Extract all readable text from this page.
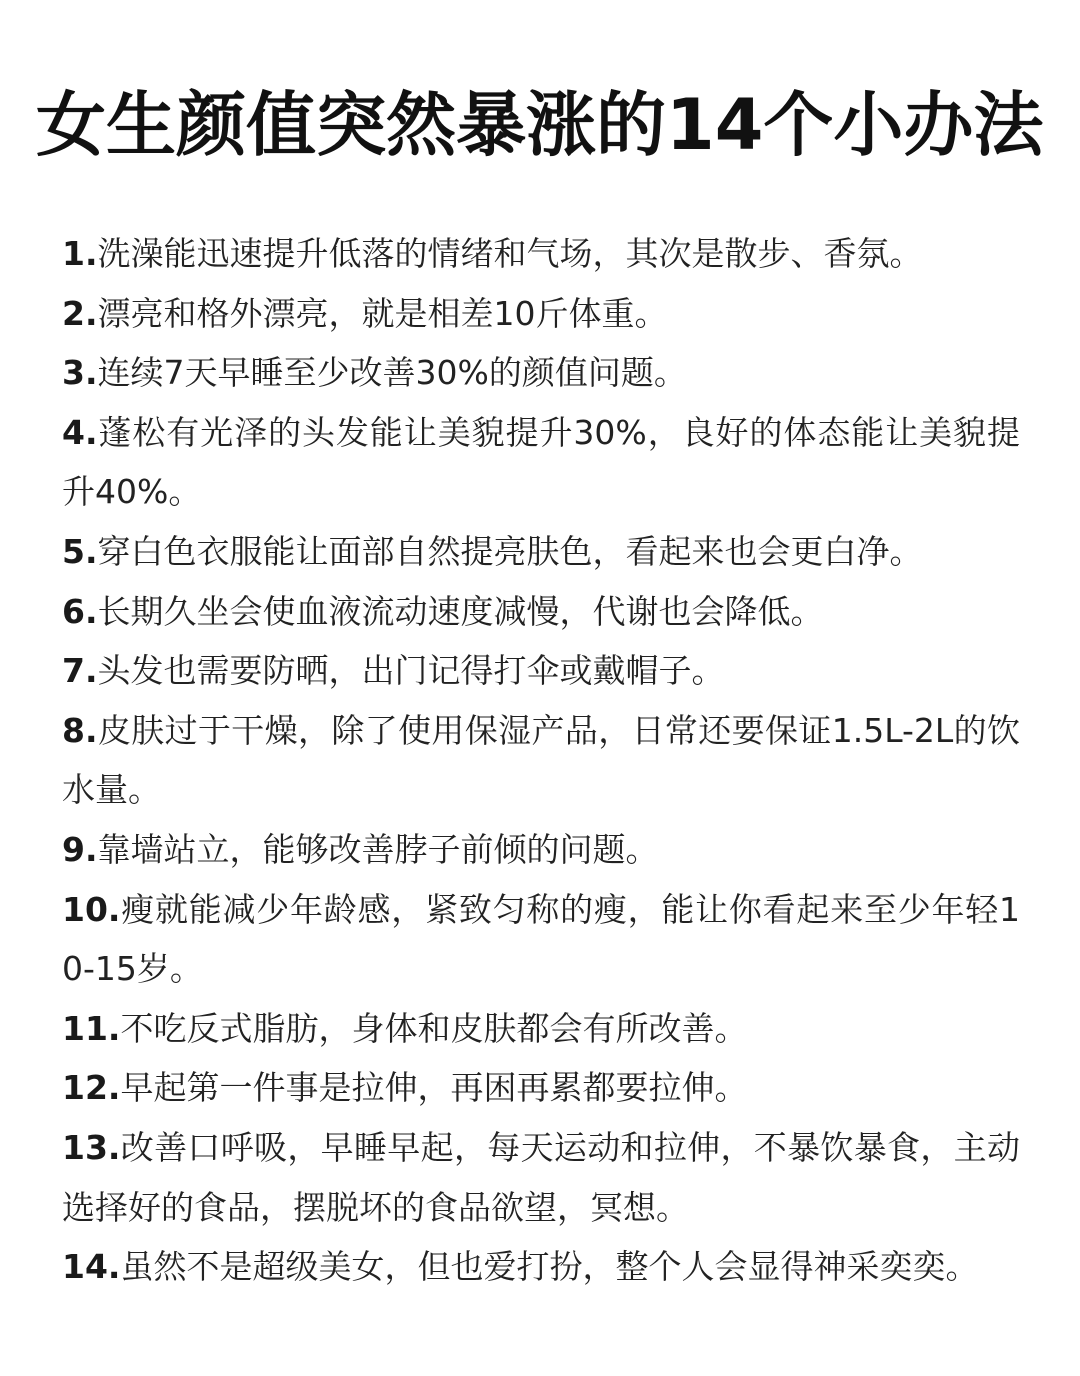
女生颜值突然暴涨的14个小办法
1.洗澡能迅速提升低落的情绪和气场，其次是散步、香氛。
2.漂亮和格外漂亮，就是相差10斤体重。
3.连续7天早睡至少改善30%的颜值问题。
4.蓬松有光泽的头发能让美貌提升30%，良好的体态能让美貌提升40%。
5.穿白色衣服能让面部自然提亮肤色，看起来也会更白净。
6.长期久坐会使血液流动速度减慢，代谢也会降低。
7.头发也需要防晒，出门记得打伞或戴帽子。
8.皮肤过于干燥，除了使用保湿产品，日常还要保证1.5L-2L的饮水量。
9.靠墙站立，能够改善脖子前倾的问题。
10.瘦就能减少年龄感，紧致匀称的瘦，能让你看起来至少年轻10-15岁。
11.不吃反式脂肪，身体和皮肤都会有所改善。
12.早起第一件事是拉伸，再困再累都要拉伸。
13.改善口呼吸，早睡早起，每天运动和拉伸，不暴饮暴食，主动选择好的食品，摆脱坏的食品欲望，冥想。
14.虽然不是超级美女，但也爱打扮，整个人会显得神采奕奕。
